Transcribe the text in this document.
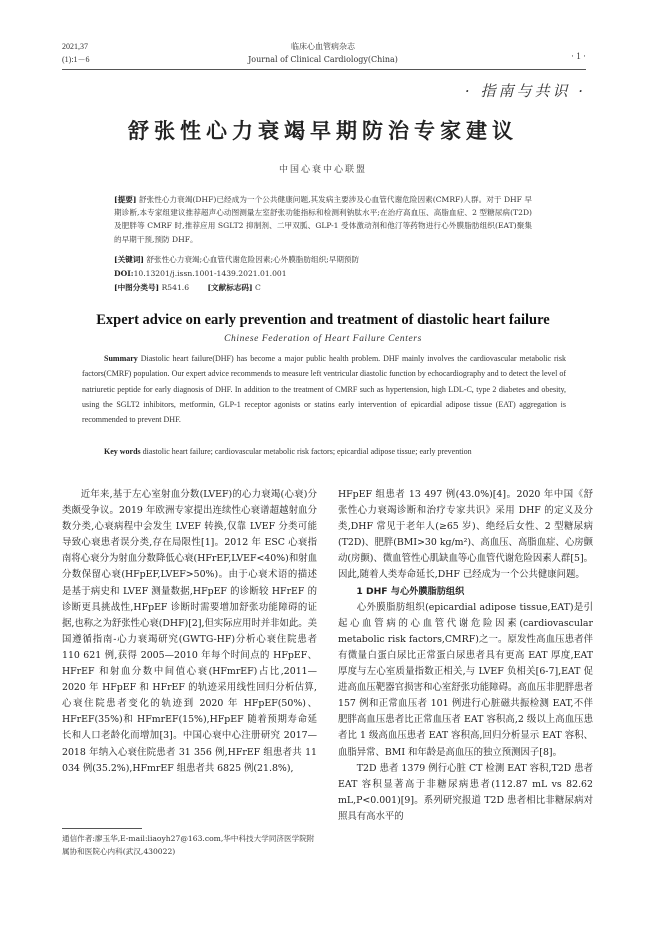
2021,37
(1):1－6
临床心血管病杂志
Journal of Clinical Cardiology(China)	· 1 ·
· 指南与共识 ·
舒张性心力衰竭早期防治专家建议
中国心衰中心联盟
[提要] 舒张性心力衰竭(DHF)已经成为一个公共健康问题,其发病主要涉及心血管代谢危险因素(CMRF)人群。对于 DHF 早期诊断,本专家组建议推荐超声心动图测量左室舒张功能指标和检测利钠肽水平;在治疗高血压、高脂血症、2 型糖尿病(T2D)及肥胖等 CMRF 时,推荐应用 SGLT2 抑制剂、二甲双胍、GLP-1 受体激动剂和他汀等药物进行心外膜脂肪组织(EAT)聚集的早期干预,预防 DHF。
[关键词] 舒张性心力衰竭;心血管代谢危险因素;心外膜脂肪组织;早期预防
DOI:10.13201/j.issn.1001-1439.2021.01.001
[中图分类号] R541.6 [文献标志码] C
Expert advice on early prevention and treatment of diastolic heart failure
Chinese Federation of Heart Failure Centers
Summary Diastolic heart failure(DHF) has become a major public health problem. DHF mainly involves the cardiovascular metabolic risk factors(CMRF) population. Our expert advice recommends to measure left ventricular diastolic function by echocardiography and to detect the level of natriuretic peptide for early diagnosis of DHF. In addition to the treatment of CMRF such as hypertension, high LDL-C, type 2 diabetes and obesity, using the SGLT2 inhibitors, metformin, GLP-1 receptor agonists or statins early intervention of epicardial adipose tissue (EAT) aggregation is recommended to prevent DHF.
Key words diastolic heart failure; cardiovascular metabolic risk factors; epicardial adipose tissue; early prevention

近年来,基于左心室射血分数(LVEF)的心力衰竭(心衰)分类颇受争议。2019 年欧洲专家提出连续性心衰谱超越射血分数分类,心衰病程中会发生 LVEF 转换,仅靠 LVEF 分类可能导致心衰患者误分类,存在局限性[1]。2012 年 ESC 心衰指南将心衰分为射血分数降低心衰(HFrEF,LVEF<40%)和射血分数保留心衰(HFpEF,LVEF>50%)。由于心衰术语的描述是基于病史和 LVEF 测量数据,HFpEF 的诊断较 HFrEF 的诊断更具挑战性,HFpEF 诊断时需要增加舒张功能障碍的证据,也称之为舒张性心衰(DHF)[2],但实际应用时并非如此。美国遵循指南-心力衰竭研究(GWTG-HF)分析心衰住院患者 110 621 例,获得 2005—2010 年每个时间点的 HFpEF、HFrEF 和射血分数中间值心衰(HFmrEF)占比,2011—2020 年 HFpEF 和 HFrEF 的轨迹采用线性回归分析估算,心衰住院患者变化的轨迹到 2020 年 HFpEF(50%)、HFrEF(35%)和 HFmrEF(15%),HFpEF 随着预期寿命延长和人口老龄化而增加[3]。中国心衰中心注册研究 2017—2018 年纳入心衰住院患者 31 356 例,HFrEF 组患者共 11 034 例(35.2%),HFmrEF 组患者共 6825 例(21.8%),

HFpEF 组患者 13 497 例(43.0%)[4]。2020 年中国《舒张性心力衰竭诊断和治疗专家共识》采用 DHF 的定义及分类,DHF 常见于老年人(≥65 岁)、绝经后女性、2 型糖尿病(T2D)、肥胖(BMI>30 kg/m²)、高血压、高脂血症、心房颤动(房颤)、微血管性心肌缺血等心血管代谢危险因素人群[5]。因此,随着人类寿命延长,DHF 已经成为一个公共健康问题。

1 DHF 与心外膜脂肪组织

心外膜脂肪组织(epicardial adipose tissue,EAT)是引起心血管病的心血管代谢危险因素(cardiovascular metabolic risk factors,CMRF)之一。原发性高血压患者伴有微量白蛋白尿比正常蛋白尿患者具有更高 EAT 厚度,EAT 厚度与左心室质量指数正相关,与 LVEF 负相关[6-7],EAT 促进高血压靶器官损害和心室舒张功能障碍。高血压非肥胖患者 157 例和正常血压者 101 例进行心脏磁共振检测 EAT,不伴肥胖高血压患者比正常血压者 EAT 容积高,2 级以上高血压患者比 1 级高血压患者 EAT 容积高,回归分析显示 EAT 容积、血脂异常、BMI 和年龄是高血压的独立预测因子[8]。

T2D 患者 1379 例行心脏 CT 检测 EAT 容积,T2D 患者 EAT 容积显著高于非糖尿病患者(112.87 mL vs 82.62 mL,P<0.001)[9]。系列研究报道 T2D 患者相比非糖尿病对照具有高水平的

通信作者:廖玉华,E-mail:liaoyh27@163.com,华中科技大学同济医学院附属协和医院心内科(武汉,430022)
